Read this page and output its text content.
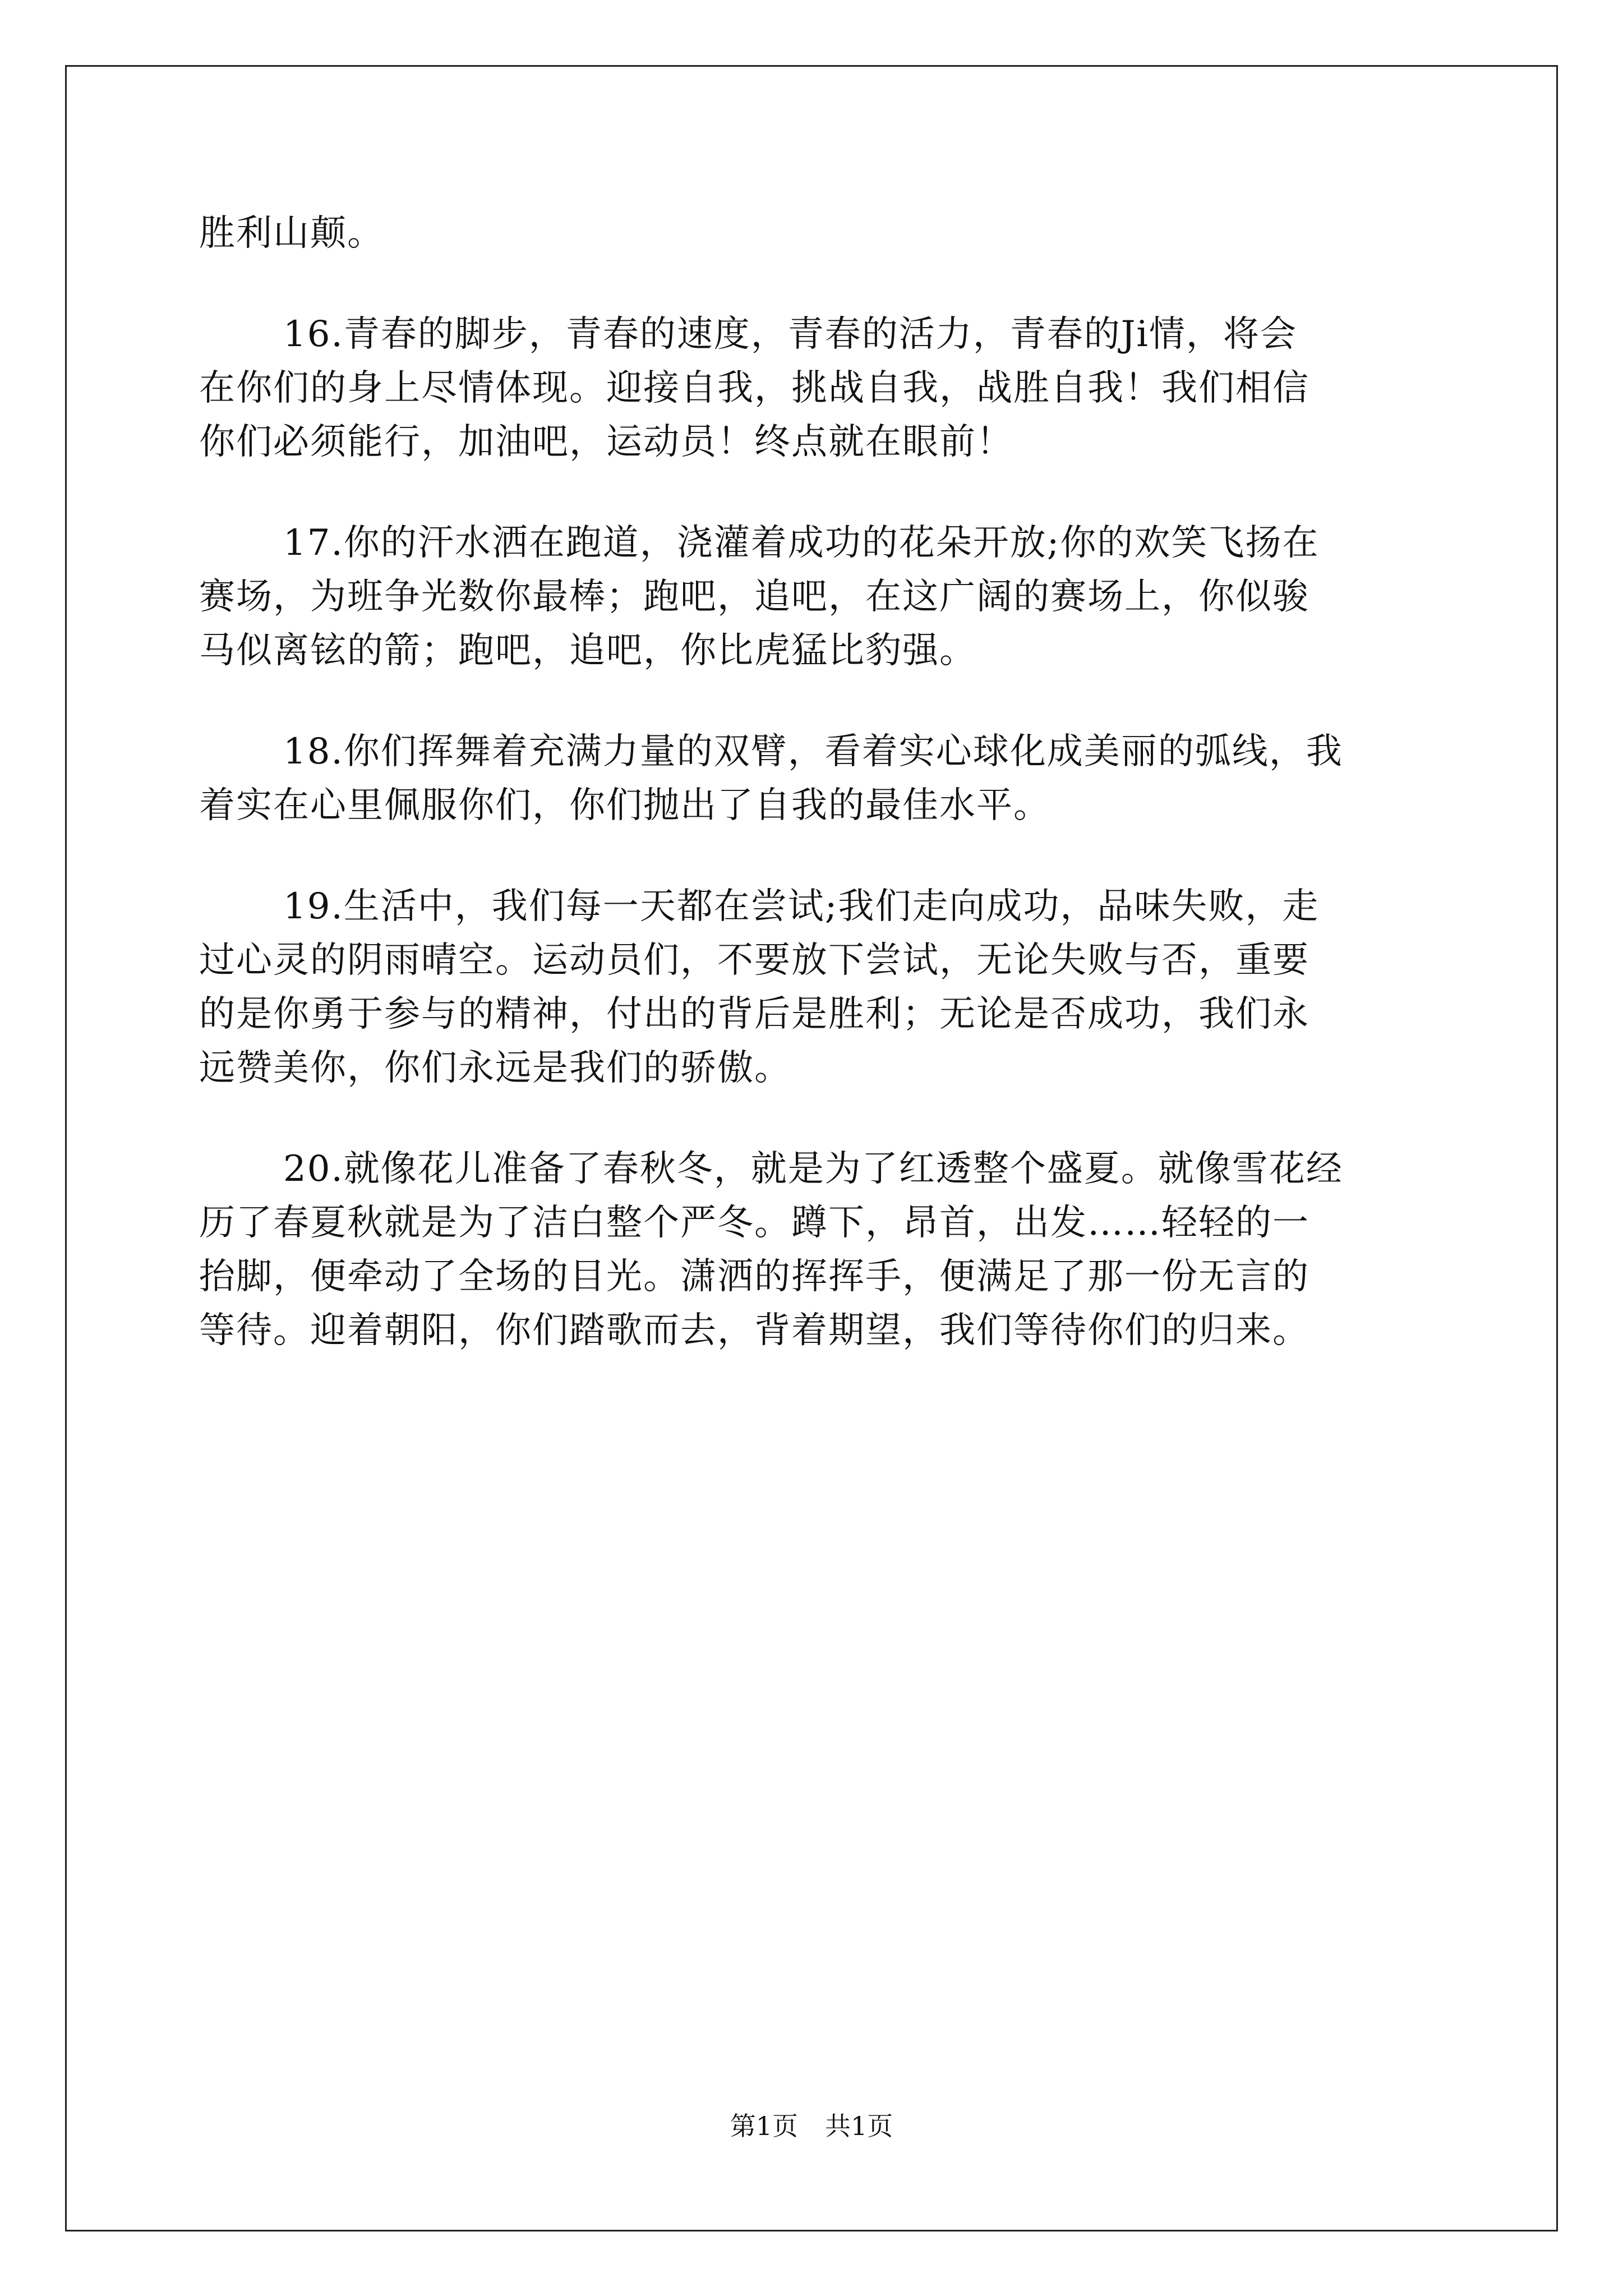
胜利山颠。
16.青春的脚步，青春的速度，青春的活力，青春的Ji情，将会
在你们的身上尽情体现。迎接自我，挑战自我，战胜自我！我们相信
你们必须能行，加油吧，运动员！终点就在眼前！
17.你的汗水洒在跑道，浇灌着成功的花朵开放;你的欢笑飞扬在
赛场，为班争光数你最棒；跑吧，追吧，在这广阔的赛场上，你似骏
马似离铉的箭；跑吧，追吧，你比虎猛比豹强。
18.你们挥舞着充满力量的双臂，看着实心球化成美丽的弧线，我
着实在心里佩服你们，你们抛出了自我的最佳水平。
19.生活中，我们每一天都在尝试;我们走向成功，品味失败，走
过心灵的阴雨晴空。运动员们，不要放下尝试，无论失败与否，重要
的是你勇于参与的精神，付出的背后是胜利；无论是否成功，我们永
远赞美你，你们永远是我们的骄傲。
20.就像花儿准备了春秋冬，就是为了红透整个盛夏。就像雪花经
历了春夏秋就是为了洁白整个严冬。蹲下，昂首，出发……轻轻的一
抬脚，便牵动了全场的目光。潇洒的挥挥手，便满足了那一份无言的
等待。迎着朝阳，你们踏歌而去，背着期望，我们等待你们的归来。
第1页 共1页
